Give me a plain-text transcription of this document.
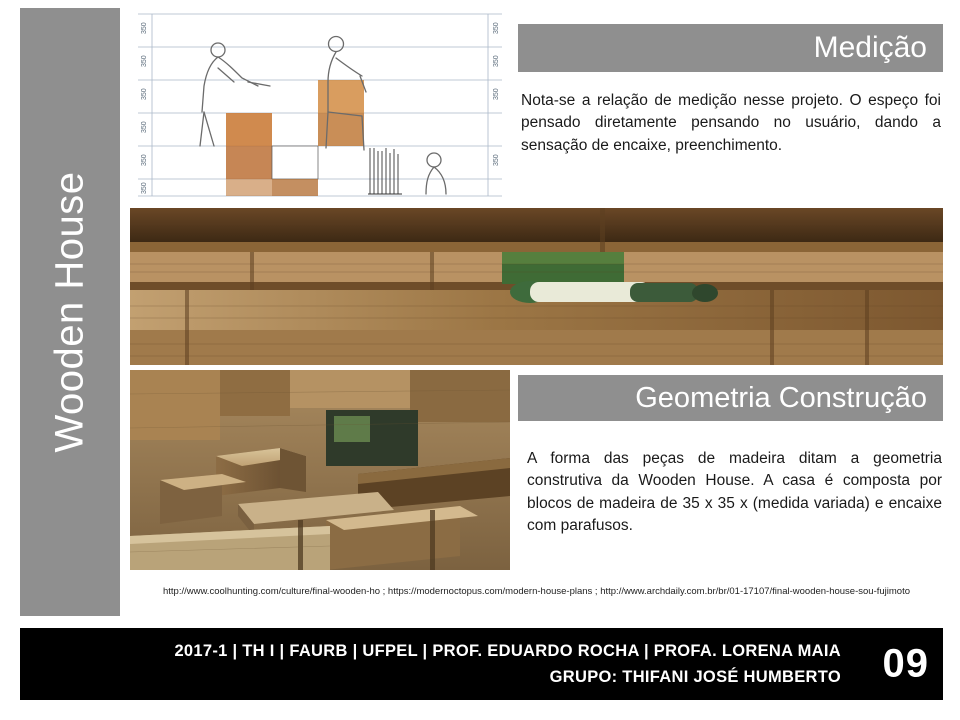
Wooden House
350
350
350
350
350
350
350
350
350
350
Medição

Nota-se a relação de medição nesse projeto. O espeço foi pensado diretamente pensando no usuário, dando a sensação de encaixe, preenchimento.

Geometria Construção

A forma das peças de madeira ditam a geometria construtiva da Wooden House. A casa é composta por blocos de madeira de 35 x 35 x (medida variada) e encaixe com parafusos.

http://www.coolhunting.com/culture/final-wooden-ho ; https://modernoctopus.com/modern-house-plans ; http://www.archdaily.com.br/br/01-17107/final-wooden-house-sou-fujimoto
2017-1 | TH I | FAURB | UFPEL | PROF. EDUARDO ROCHA | PROFA. LORENA MAIA
GRUPO: THIFANI JOSÉ HUMBERTO 09
